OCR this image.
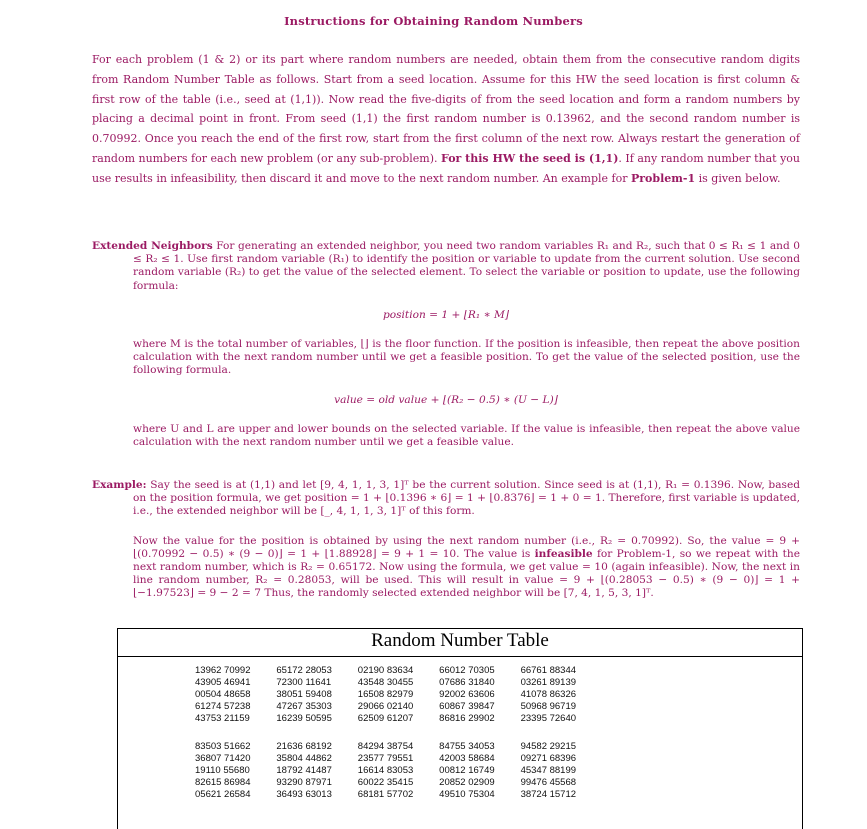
Instructions for Obtaining Random Numbers

For each problem (1 & 2) or its part where random numbers are needed, obtain them from the consecutive random digits from Random Number Table as follows. Start from a seed location. Assume for this HW the seed location is first column & first row of the table (i.e., seed at (1,1)). Now read the five-digits of from the seed location and form a random numbers by placing a decimal point in front. From seed (1,1) the first random number is 0.13962, and the second random number is 0.70992. Once you reach the end of the first row, start from the first column of the next row. Always restart the generation of random numbers for each new problem (or any sub-problem). For this HW the seed is (1,1). If any random number that you use results in infeasibility, then discard it and move to the next random number. An example for Problem-1 is given below.

Extended Neighbors For generating an extended neighbor, you need two random variables R₁ and R₂, such that 0 ≤ R₁ ≤ 1 and 0 ≤ R₂ ≤ 1. Use first random variable (R₁) to identify the position or variable to update from the current solution. Use second random variable (R₂) to get the value of the selected element. To select the variable or position to update, use the following formula:

position = 1 + ⌊R₁ ∗ M⌋

where M is the total number of variables, ⌊⌋ is the floor function. If the position is infeasible, then repeat the above position calculation with the next random number until we get a feasible position. To get the value of the selected position, use the following formula.

value = old value + ⌊(R₂ − 0.5) ∗ (U − L)⌋

where U and L are upper and lower bounds on the selected variable. If the value is infeasible, then repeat the above value calculation with the next random number until we get a feasible value.

Example: Say the seed is at (1,1) and let [9, 4, 1, 1, 3, 1]ᵀ be the current solution. Since seed is at (1,1), R₁ = 0.1396. Now, based on the position formula, we get position = 1 + ⌊0.1396 ∗ 6⌋ = 1 + ⌊0.8376⌋ = 1 + 0 = 1. Therefore, first variable is updated, i.e., the extended neighbor will be [_, 4, 1, 1, 3, 1]ᵀ of this form.

Now the value for the position is obtained by using the next random number (i.e., R₂ = 0.70992). So, the value = 9 + ⌊(0.70992 − 0.5) ∗ (9 − 0)⌋ = 1 + ⌊1.88928⌋ = 9 + 1 = 10. The value is infeasible for Problem-1, so we repeat with the next random number, which is R₂ = 0.65172. Now using the formula, we get value = 10 (again infeasible). Now, the next in line random number, R₂ = 0.28053, will be used. This will result in value = 9 + ⌊(0.28053 − 0.5) ∗ (9 − 0)⌋ = 1 + ⌊−1.97523⌋ = 9 − 2 = 7 Thus, the randomly selected extended neighbor will be [7, 4, 1, 5, 3, 1]ᵀ.

Random Number Table
13962 70992	65172 28053	02190 83634	66012 70305	66761 88344
43905 46941	72300 11641	43548 30455	07686 31840	03261 89139
00504 48658	38051 59408	16508 82979	92002 63606	41078 86326
61274 57238	47267 35303	29066 02140	60867 39847	50968 96719
43753 21159	16239 50595	62509 61207	86816 29902	23395 72640
83503 51662	21636 68192	84294 38754	84755 34053	94582 29215
36807 71420	35804 44862	23577 79551	42003 58684	09271 68396
19110 55680	18792 41487	16614 83053	00812 16749	45347 88199
82615 86984	93290 87971	60022 35415	20852 02909	99476 45568
05621 26584	36493 63013	68181 57702	49510 75304	38724 15712
